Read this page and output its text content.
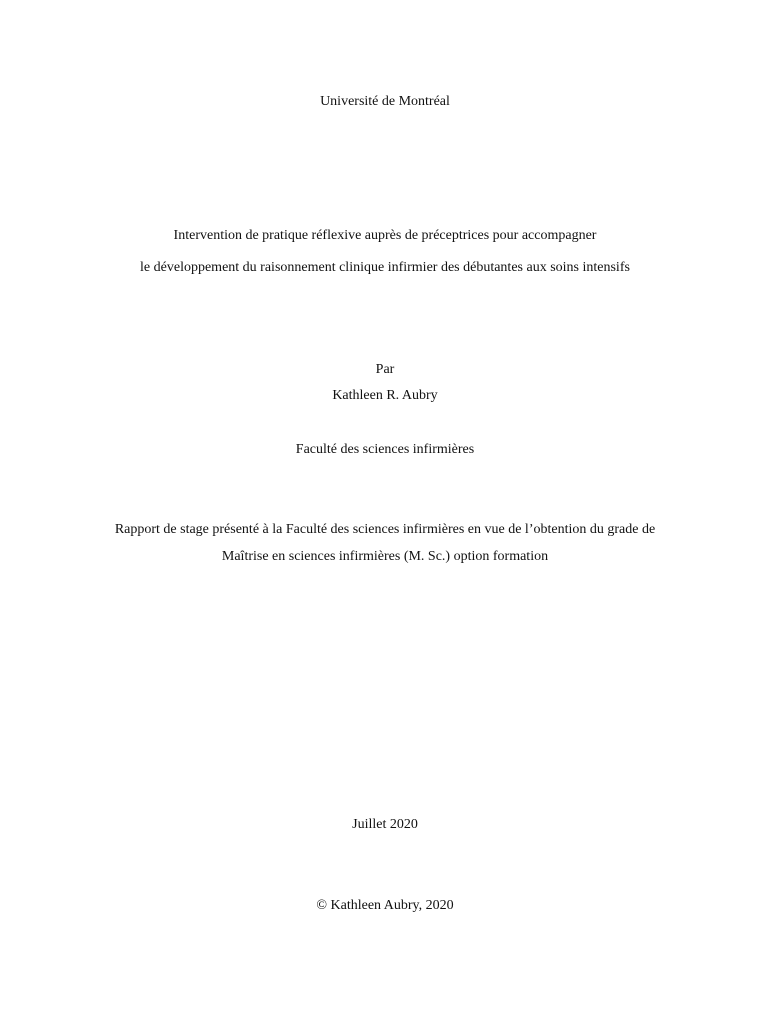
Université de Montréal
Intervention de pratique réflexive auprès de préceptrices pour accompagner
le développement du raisonnement clinique infirmier des débutantes aux soins intensifs
Par
Kathleen R. Aubry
Faculté des sciences infirmières
Rapport de stage présenté à la Faculté des sciences infirmières en vue de l’obtention du grade de
Maîtrise en sciences infirmières (M. Sc.) option formation
Juillet 2020
© Kathleen Aubry, 2020
